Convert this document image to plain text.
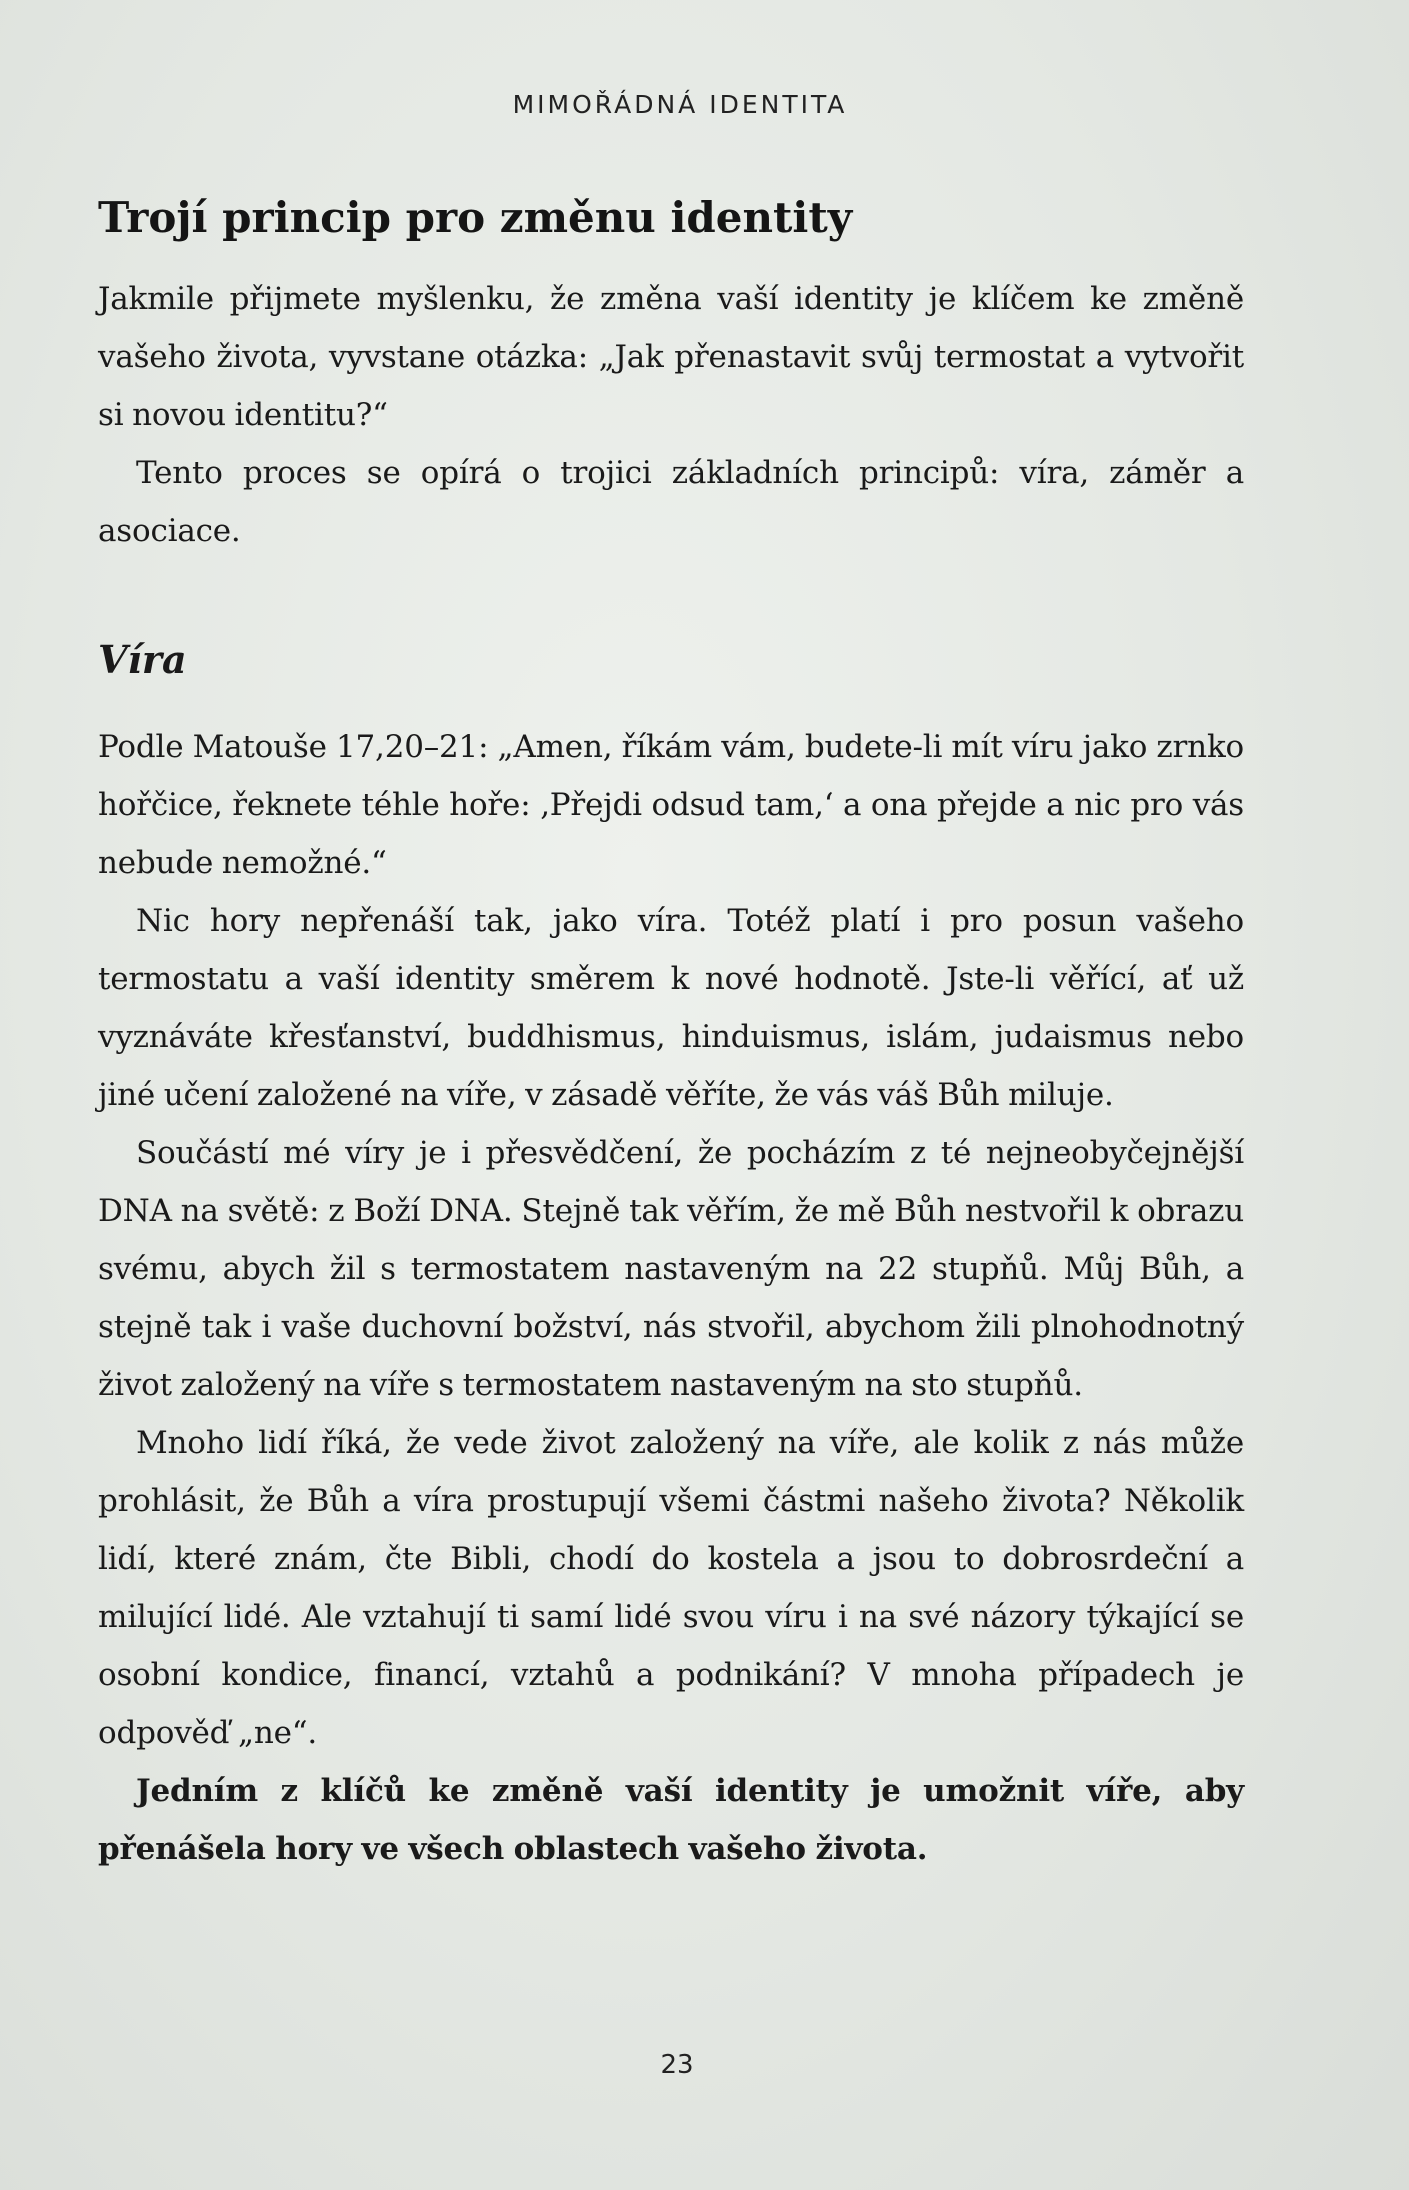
MIMOŘÁDNÁ IDENTITA
Trojí princip pro změnu identity

Jakmile přijmete myšlenku, že změna vaší identity je klíčem ke změně vašeho života, vyvstane otázka: „Jak přenastavit svůj termostat a vytvořit si novou identitu?“

Tento proces se opírá o trojici základních principů: víra, záměr a asociace.

Víra

Podle Matouše 17,20–21: „Amen, říkám vám, budete-li mít víru jako zrnko hořčice, řeknete téhle hoře: ‚Přejdi odsud tam,‘ a ona přejde a nic pro vás nebude nemožné.“

Nic hory nepřenáší tak, jako víra. Totéž platí i pro posun vašeho termostatu a vaší identity směrem k nové hodnotě. Jste-li věřící, ať už vyznáváte křesťanství, buddhismus, hinduismus, islám, judaismus nebo jiné učení založené na víře, v zásadě věříte, že vás váš Bůh miluje.

Součástí mé víry je i přesvědčení, že pocházím z té nejneobyčejnější DNA na světě: z Boží DNA. Stejně tak věřím, že mě Bůh nestvořil k obrazu svému, abych žil s termostatem nastaveným na 22 stupňů. Můj Bůh, a stejně tak i vaše duchovní božství, nás stvořil, abychom žili plnohodnotný život založený na víře s termostatem nastaveným na sto stupňů.

Mnoho lidí říká, že vede život založený na víře, ale kolik z nás může prohlásit, že Bůh a víra prostupují všemi částmi našeho života? Několik lidí, které znám, čte Bibli, chodí do kostela a jsou to dobrosrdeční a milující lidé. Ale vztahují ti samí lidé svou víru i na své názory týkající se osobní kondice, financí, vztahů a podnikání? V mnoha případech je odpověď „ne“.

Jedním z klíčů ke změně vaší identity je umožnit víře, aby přenášela hory ve všech oblastech vašeho života.

23
